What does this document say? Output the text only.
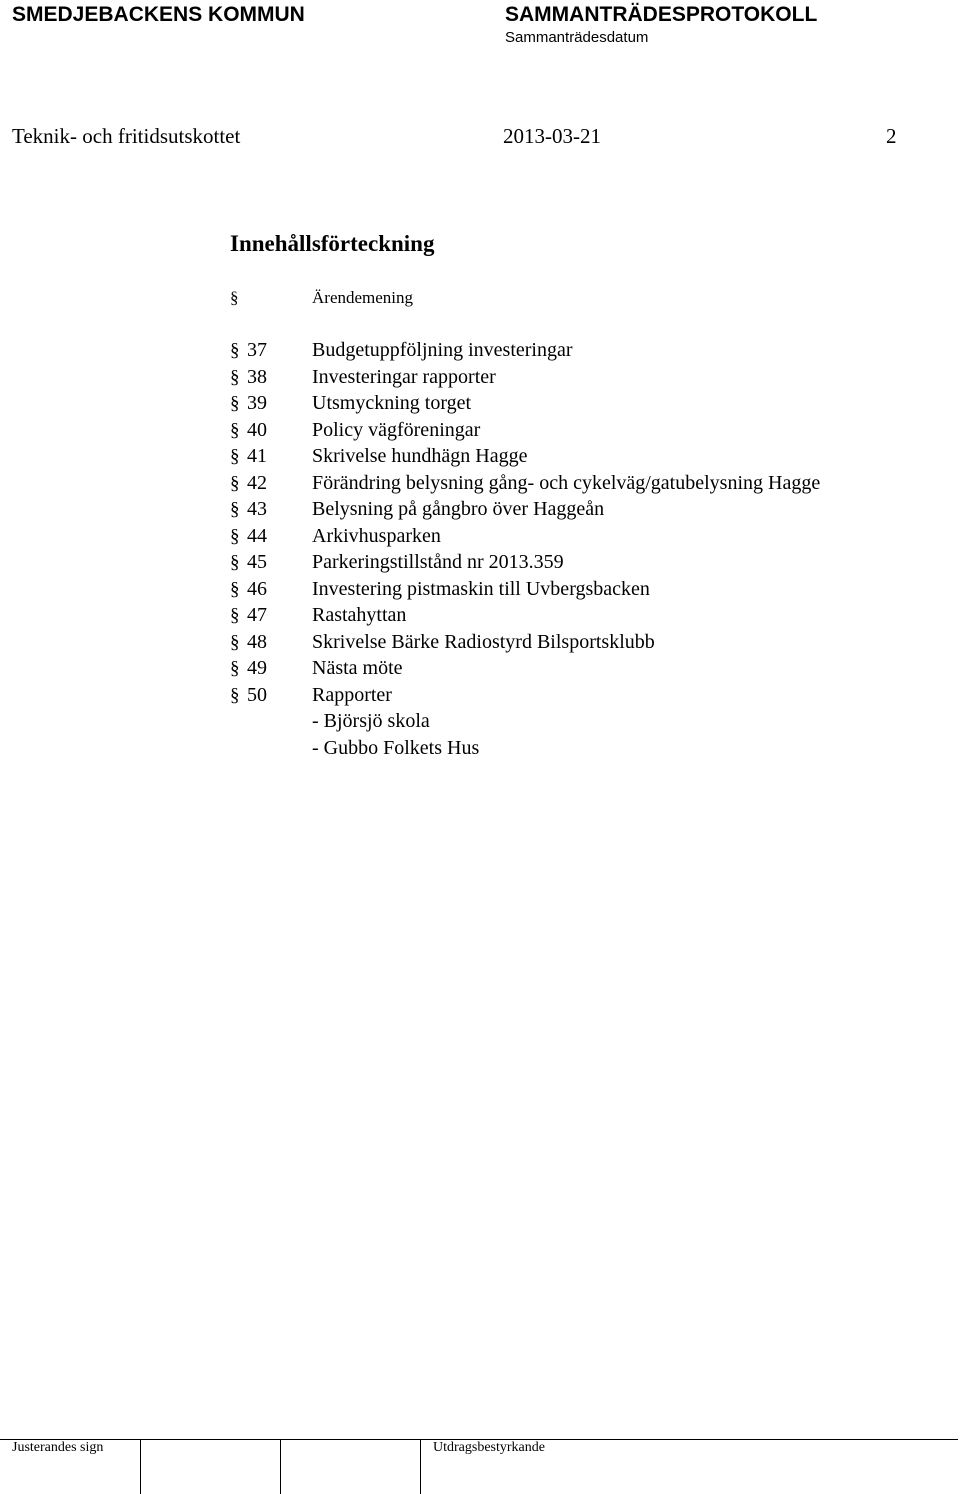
SMEDJEBACKENS KOMMUN	SAMMANTRÄDESPROTOKOLL
Sammanträdesdatum
Teknik- och fritidsutskottet	2013-03-21	2
Innehållsförteckning
§	Ärendemening
§ 37 Budgetuppföljning investeringar
§ 38 Investeringar rapporter
§ 39 Utsmyckning torget
§ 40 Policy vägföreningar
§ 41 Skrivelse hundhägn Hagge
§ 42 Förändring belysning gång- och cykelväg/gatubelysning Hagge
§ 43 Belysning på gångbro över Haggeån
§ 44 Arkivhusparken
§ 45 Parkeringstillstånd nr 2013.359
§ 46 Investering pistmaskin till Uvbergsbacken
§ 47 Rastahyttan
§ 48 Skrivelse Bärke Radiostyrd Bilsportsklubb
§ 49 Nästa möte
§ 50 Rapporter
- Björsjö skola
- Gubbo Folkets Hus
Justerandes sign	Utdragsbestyrkande
